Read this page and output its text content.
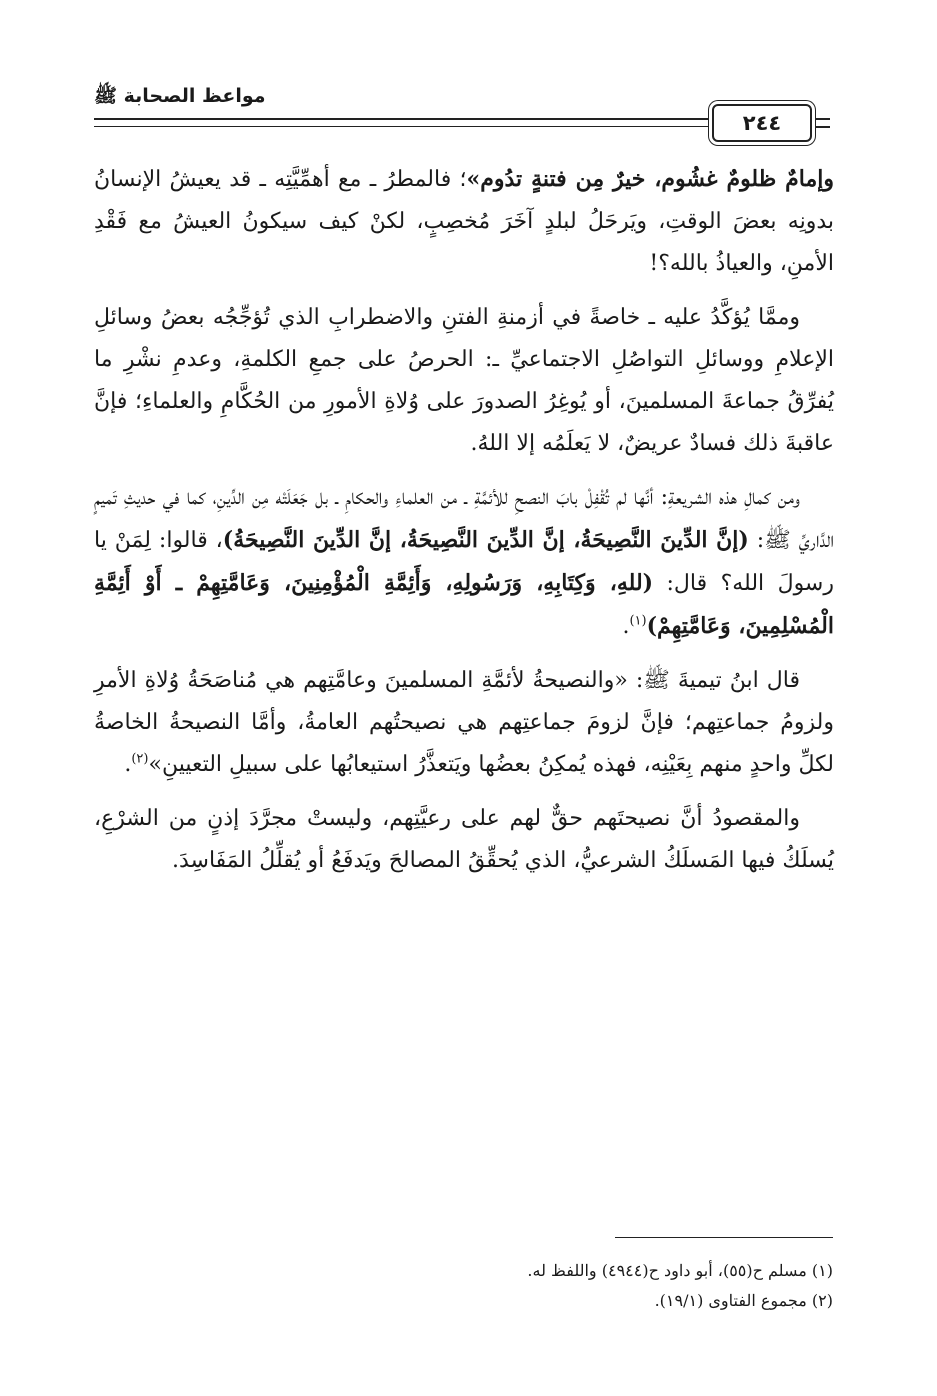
مواعظ الصحابة ﷺ
٢٤٤

وإمامٌ ظلومٌ غشُوم، خيرٌ مِن فتنةٍ تدُوم»؛ فالمطرُ ـ مع أهمِّيَّتِه ـ قد يعيشُ الإنسانُ بدونِه بعضَ الوقتِ، ويَرحَلُ لبلدٍ آخَرَ مُخصِبٍ، لكنْ كيف سيكونُ العيشُ مع فَقْدِ الأمنِ، والعياذُ بالله؟!

وممَّا يُؤكَّدُ عليه ـ خاصةً في أزمنةِ الفتنِ والاضطرابِ الذي تُؤجِّجُه بعضُ وسائلِ الإعلامِ ووسائلِ التواصُلِ الاجتماعيِّ ـ: الحرصُ على جمعِ الكلمةِ، وعدمِ نشْرِ ما يُفرِّقُ جماعةَ المسلمينَ، أو يُوغِرُ الصدورَ على وُلاةِ الأمورِ من الحُكَّامِ والعلماءِ؛ فإنَّ عاقبةَ ذلك فسادٌ عريضٌ، لا يَعلَمُه إلا اللهُ.

ومن كمالِ هذه الشريعةِ: أنَّها لم تُقْفِلْ بابَ النصحِ للأئمَّةِ ـ من العلماءِ والحكامِ ـ بل جَعَلَتْه مِن الدِّينِ، كما في حديثِ تَميمٍ الدَّاريِّ ﷺ: (إنَّ الدِّينَ النَّصِيحَةُ، إنَّ الدِّينَ النَّصِيحَةُ، إنَّ الدِّينَ النَّصِيحَةُ)، قالوا: لِمَنْ يا رسولَ الله؟ قال: (للهِ، وَكِتَابِهِ، وَرَسُولِهِ، وَأَئِمَّةِ الْمُؤْمِنِينَ، وَعَامَّتِهِمْ ـ أَوْ أَئِمَّةِ الْمُسْلِمِينَ، وَعَامَّتِهِمْ)$^{(١)}$.

قال ابنُ تيميةَ ﷺ: «والنصيحةُ لأئمَّةِ المسلمينَ وعامَّتِهم هي مُناصَحَةُ وُلاةِ الأمرِ ولزومُ جماعتِهم؛ فإنَّ لزومَ جماعتِهم هي نصيحتُهم العامةُ، وأمَّا النصيحةُ الخاصةُ لكلِّ واحدٍ منهم بِعَيْنِه، فهذه يُمكِنُ بعضُها ويَتعذَّرُ استيعابُها على سبيلِ التعيينِ»$^{(٢)}$.

والمقصودُ أنَّ نصيحتَهم حقٌّ لهم على رعيَّتِهم، وليستْ مجرَّدَ إذنٍ من الشرْعِ، يُسلَكُ فيها المَسلَكُ الشرعيُّ، الذي يُحقِّقُ المصالحَ ويَدفَعُ أو يُقلِّلُ المَفَاسِدَ.

(١) مسلم ح(٥٥)، أبو داود ح(٤٩٤٤) واللفظ له.
(٢) مجموع الفتاوى (١٩/١).
